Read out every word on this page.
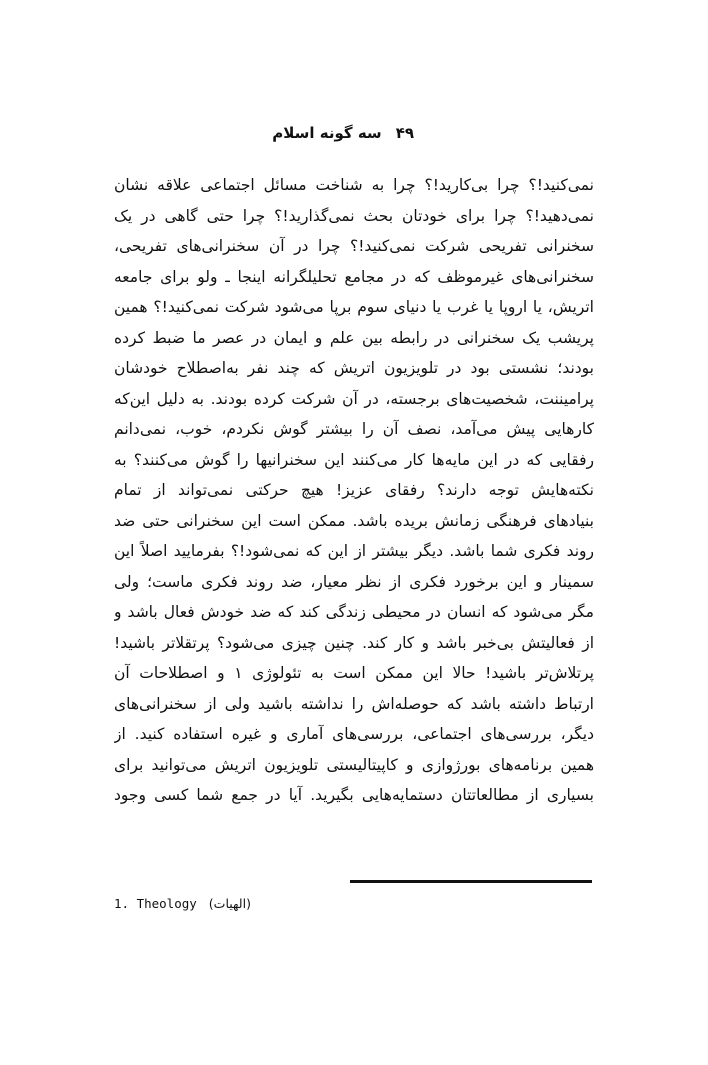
سه گونه اسلام ۴۹
نمی‌کنید!؟ چرا بی‌کارید!؟ چرا به شناخت مسائل اجتماعی علاقه نشان
نمی‌دهید!؟ چرا برای خودتان بحث نمی‌گذارید!؟ چرا حتی گاهی در یک
سخنرانی تفریحی شرکت نمی‌کنید!؟ چرا در آن سخنرانی‌های تفریحی،
سخنرانی‌های غیرموظف که در مجامع تحلیلگرانه اینجا ـ ولو برای جامعه
اتریش، یا اروپا یا غرب یا دنیای سوم برپا می‌شود شرکت نمی‌کنید!؟ همین
پریشب یک سخنرانی در رابطه بین علم و ایمان در عصر ما ضبط کرده
بودند؛ نشستی بود در تلویزیون اتریش که چند نفر به‌اصطلاح خودشان
پرامیننت، شخصیت‌های برجسته، در آن شرکت کرده بودند. به دلیل این‌که
کارهایی پیش می‌آمد، نصف آن را بیشتر گوش نکردم، خوب، نمی‌دانم
رفقایی که در این مایه‌ها کار می‌کنند این سخنرانیها را گوش می‌کنند؟ به
نکته‌هایش توجه دارند؟ رفقای عزیز! هیچ حرکتی نمی‌تواند از تمام
بنیادهای فرهنگی زمانش بریده باشد. ممکن است این سخنرانی حتی ضد
روند فکری شما باشد. دیگر بیشتر از این که نمی‌شود!؟ بفرمایید اصلاً این
سمینار و این برخورد فکری از نظر معیار، ضد روند فکری ماست؛ ولی
مگر می‌شود که انسان در محیطی زندگی کند که ضد خودش فعال باشد و
از فعالیتش بی‌خبر باشد و کار کند. چنین چیزی می‌شود؟ پرتقلاتر باشید!
پرتلاش‌تر باشید! حالا این ممکن است به تئولوژی ۱ و اصطلاحات آن
ارتباط داشته باشد که حوصله‌اش را نداشته باشید ولی از سخنرانی‌های
دیگر، بررسی‌های اجتماعی، بررسی‌های آماری و غیره استفاده کنید. از
همین برنامه‌های بورژوازی و کاپیتالیستی تلویزیون اتریش می‌توانید برای
بسیاری از مطالعاتتان دستمایه‌هایی بگیرید. آیا در جمع شما کسی وجود
1. Theology (الهیات)
